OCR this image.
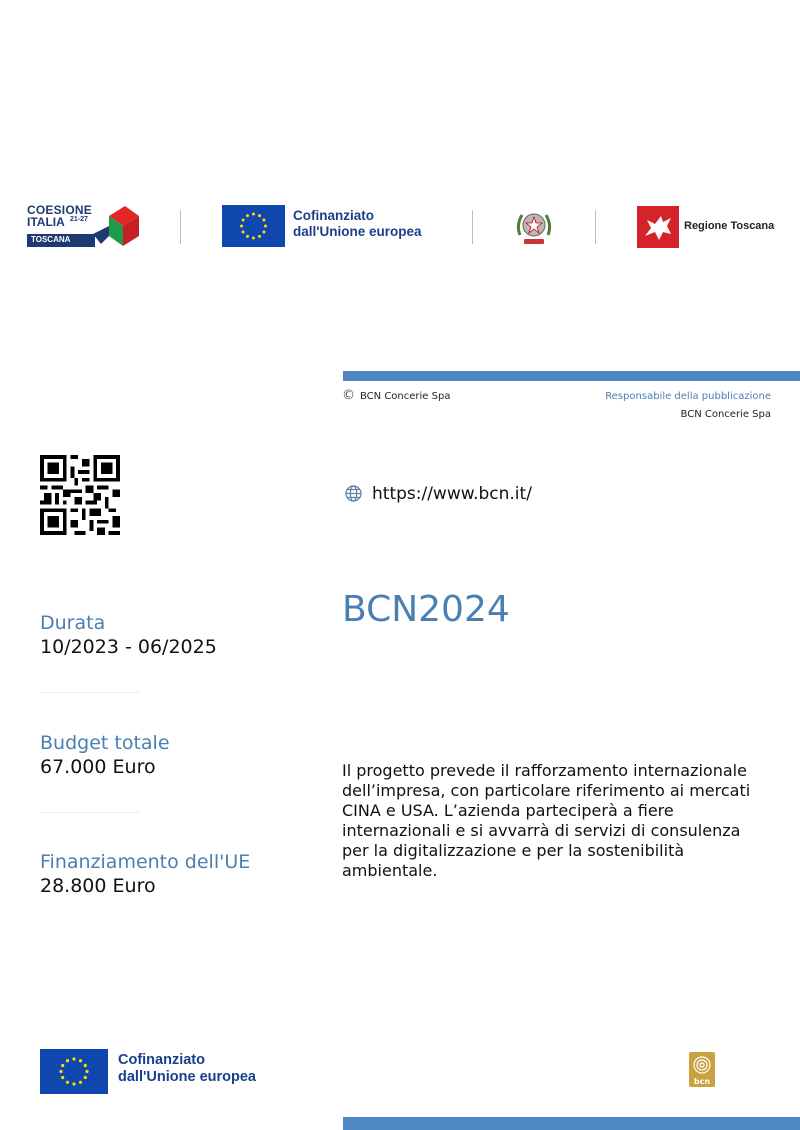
COESIONE
ITALIA 21-27
TOSCANA
Cofinanziato
dall'Unione europea	Regione Toscana
© BCN Concerie Spa	Responsabile della pubblicazione
BCN Concerie Spa
https://www.bcn.it/
BCN2024
Durata
10/2023 - 06/2025
Budget totale
67.000 Euro
Finanziamento dell'UE
28.800 Euro
Il progetto prevede il rafforzamento internazionale dell’impresa, con particolare riferimento ai mercati CINA e USA. L’azienda parteciperà a fiere internazionali e si avvarrà di servizi di consulenza per la digitalizzazione e per la sostenibilità ambientale.
Cofinanziato
dall'Unione europea	bcn
